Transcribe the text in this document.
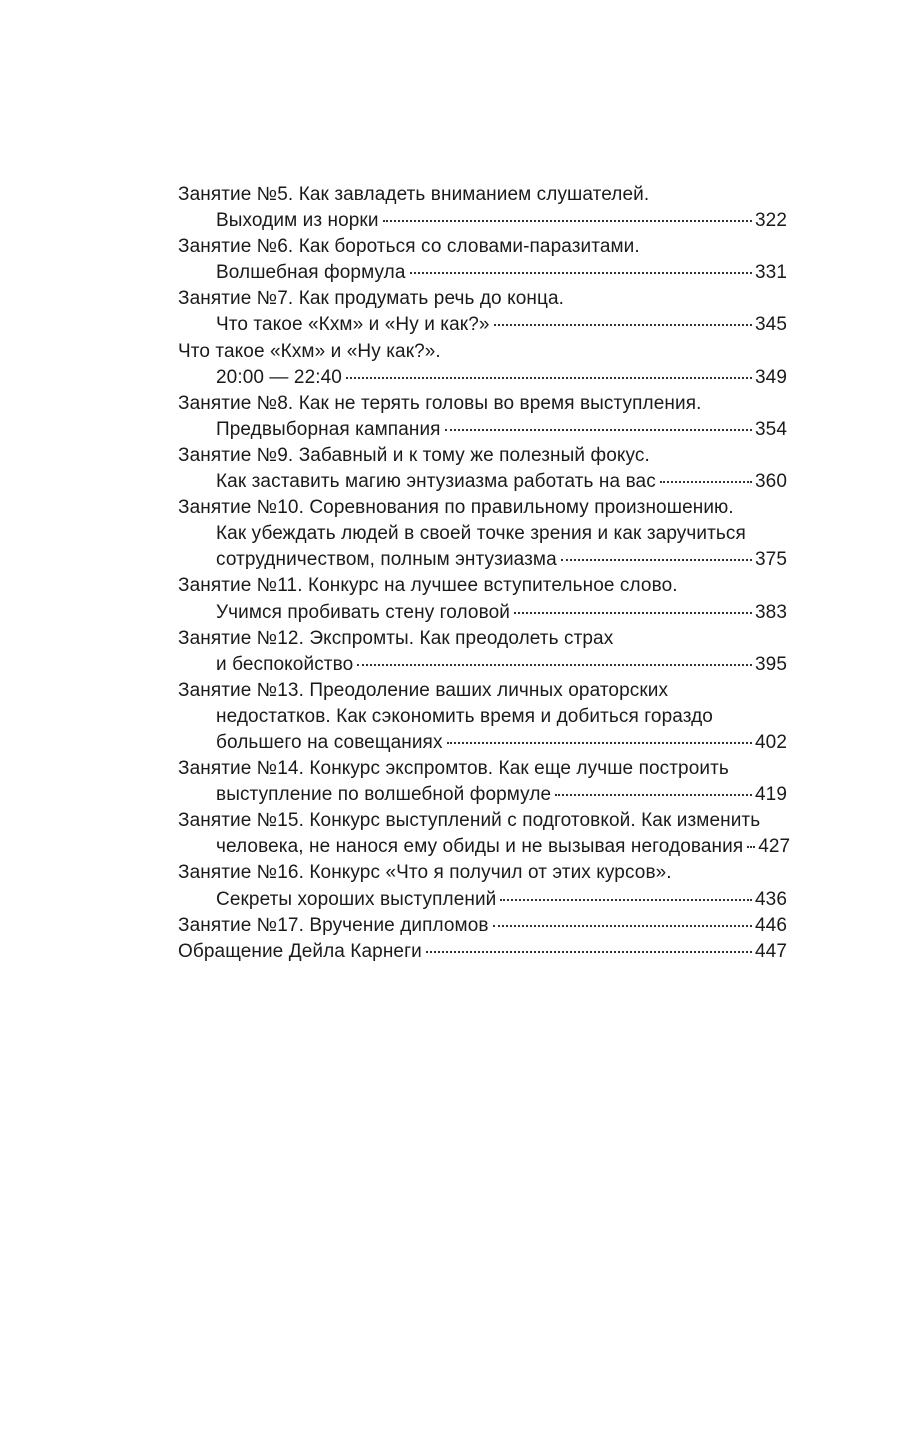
Занятие №5. Как завладеть вниманием слушателей.
Выходим из норки	322
Занятие №6. Как бороться со словами-паразитами.
Волшебная формула	331
Занятие №7. Как продумать речь до конца.
Что такое «Кхм» и «Ну и как?»	345
Что такое «Кхм» и «Ну как?».
20:00 — 22:40	349
Занятие №8. Как не терять головы во время выступления.
Предвыборная кампания	354
Занятие №9. Забавный и к тому же полезный фокус.
Как заставить магию энтузиазма работать на вас	360
Занятие №10. Соревнования по правильному произношению.
Как убеждать людей в своей точке зрения и как заручиться
сотрудничеством, полным энтузиазма	375
Занятие №11. Конкурс на лучшее вступительное слово.
Учимся пробивать стену головой	383
Занятие №12. Экспромты. Как преодолеть страх
и беспокойство	395
Занятие №13. Преодоление ваших личных ораторских
недостатков. Как сэкономить время и добиться гораздо
большего на совещаниях	402
Занятие №14. Конкурс экспромтов. Как еще лучше построить
выступление по волшебной формуле	419
Занятие №15. Конкурс выступлений с подготовкой. Как изменить
человека, не нанося ему обиды и не вызывая негодования 427
Занятие №16. Конкурс «Что я получил от этих курсов».
Секреты хороших выступлений	436
Занятие №17. Вручение дипломов	446
Обращение Дейла Карнеги	447
